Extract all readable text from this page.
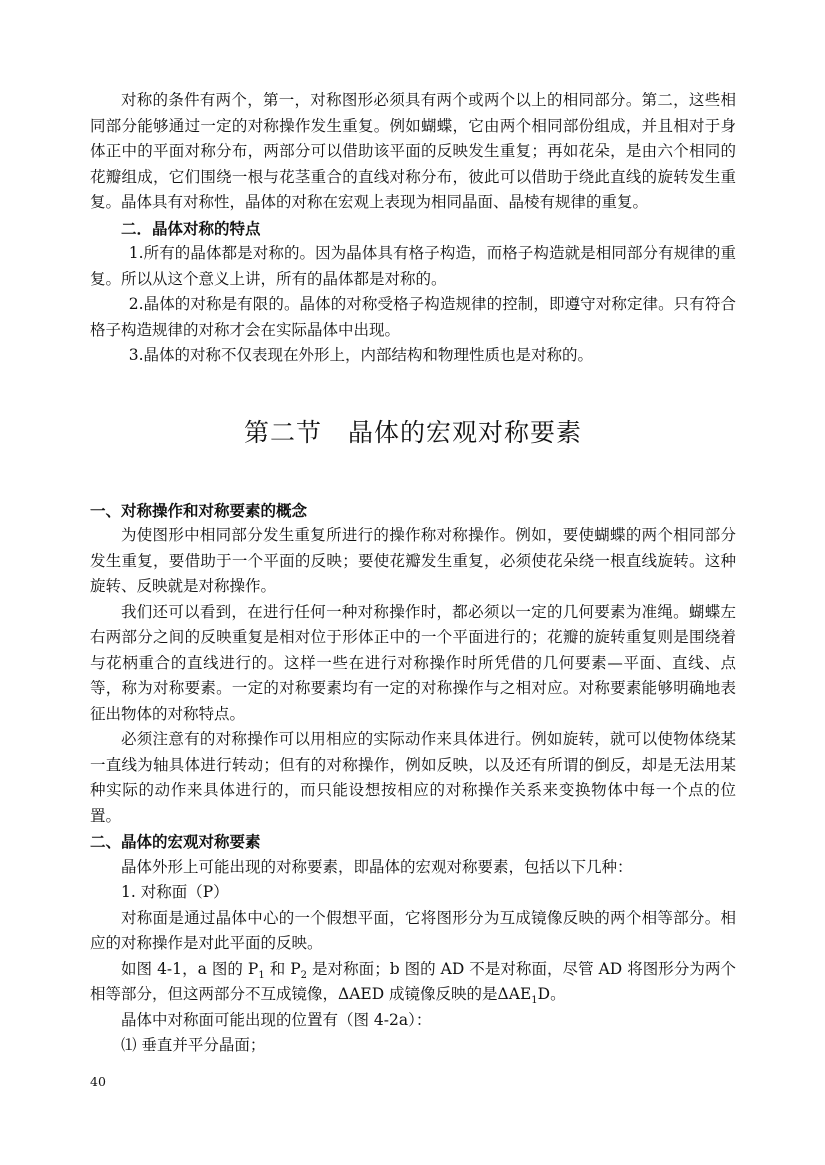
对称的条件有两个，第一，对称图形必须具有两个或两个以上的相同部分。第二，这些相同部分能够通过一定的对称操作发生重复。例如蝴蝶，它由两个相同部份组成，并且相对于身体正中的平面对称分布，两部分可以借助该平面的反映发生重复；再如花朵，是由六个相同的花瓣组成，它们围绕一根与花茎重合的直线对称分布，彼此可以借助于绕此直线的旋转发生重复。晶体具有对称性，晶体的对称在宏观上表现为相同晶面、晶棱有规律的重复。

二．晶体对称的特点

1.所有的晶体都是对称的。因为晶体具有格子构造，而格子构造就是相同部分有规律的重复。所以从这个意义上讲，所有的晶体都是对称的。

2.晶体的对称是有限的。晶体的对称受格子构造规律的控制，即遵守对称定律。只有符合格子构造规律的对称才会在实际晶体中出现。

3.晶体的对称不仅表现在外形上，内部结构和物理性质也是对称的。

第二节 晶体的宏观对称要素

一、对称操作和对称要素的概念

为使图形中相同部分发生重复所进行的操作称对称操作。例如，要使蝴蝶的两个相同部分发生重复，要借助于一个平面的反映；要使花瓣发生重复，必须使花朵绕一根直线旋转。这种旋转、反映就是对称操作。

我们还可以看到，在进行任何一种对称操作时，都必须以一定的几何要素为准绳。蝴蝶左右两部分之间的反映重复是相对位于形体正中的一个平面进行的；花瓣的旋转重复则是围绕着与花柄重合的直线进行的。这样一些在进行对称操作时所凭借的几何要素—平面、直线、点等，称为对称要素。一定的对称要素均有一定的对称操作与之相对应。对称要素能够明确地表征出物体的对称特点。

必须注意有的对称操作可以用相应的实际动作来具体进行。例如旋转，就可以使物体绕某一直线为轴具体进行转动；但有的对称操作，例如反映，以及还有所谓的倒反，却是无法用某种实际的动作来具体进行的，而只能设想按相应的对称操作关系来变换物体中每一个点的位置。

二、晶体的宏观对称要素

晶体外形上可能出现的对称要素，即晶体的宏观对称要素，包括以下几种：

1. 对称面（P）

对称面是通过晶体中心的一个假想平面，它将图形分为互成镜像反映的两个相等部分。相应的对称操作是对此平面的反映。

如图 4-1，a 图的 $P_1$ 和 $P_2$ 是对称面；b 图的 AD 不是对称面，尽管 AD 将图形分为两个相等部分，但这两部分不互成镜像，ΔAED 成镜像反映的是$\Delta AE_1D$。

晶体中对称面可能出现的位置有（图 4-2a）：

⑴ 垂直并平分晶面；

40
